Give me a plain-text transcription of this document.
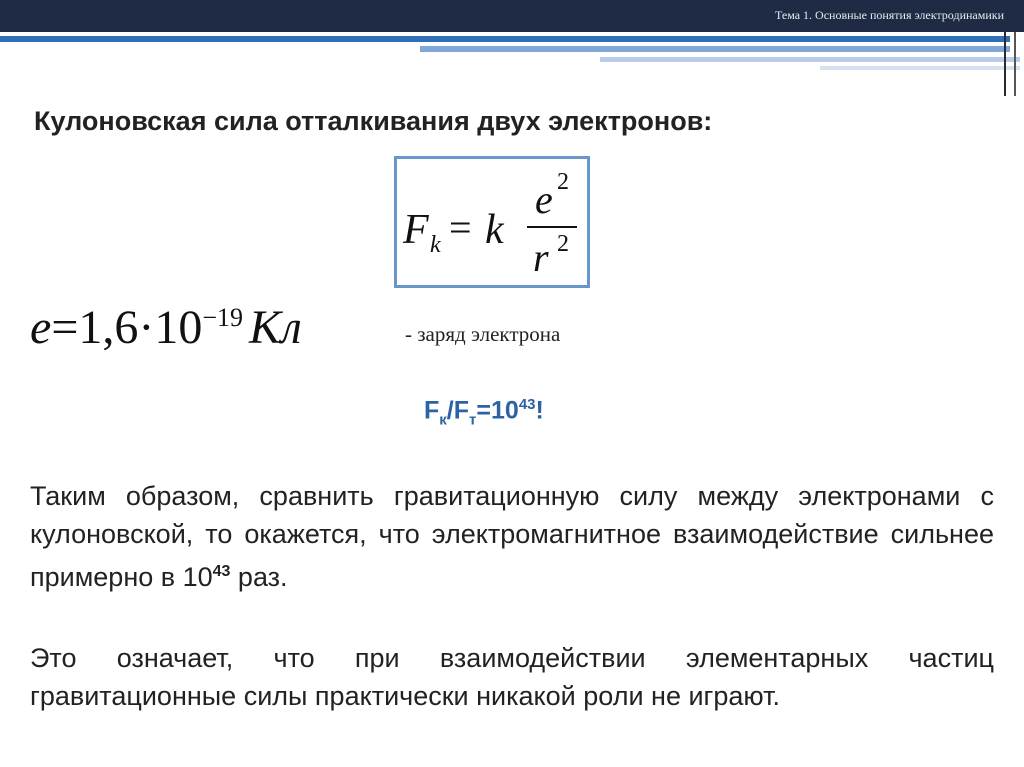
Тема 1. Основные понятия электродинамики
Кулоновская сила отталкивания двух электронов:
F k = k
e 2
r 2
$e=1,6\cdot 10^{-19}$ Кл	- заряд электрона
$F_к/F_т=10^{43}$!

Таким образом, сравнить гравитационную силу между электронами с кулоновской, то окажется, что электромагнитное взаимодействие сильнее примерно в $10^{43}$ раз.

Это означает, что при взаимодействии элементарных частиц гравитационные силы практически никакой роли не играют.
